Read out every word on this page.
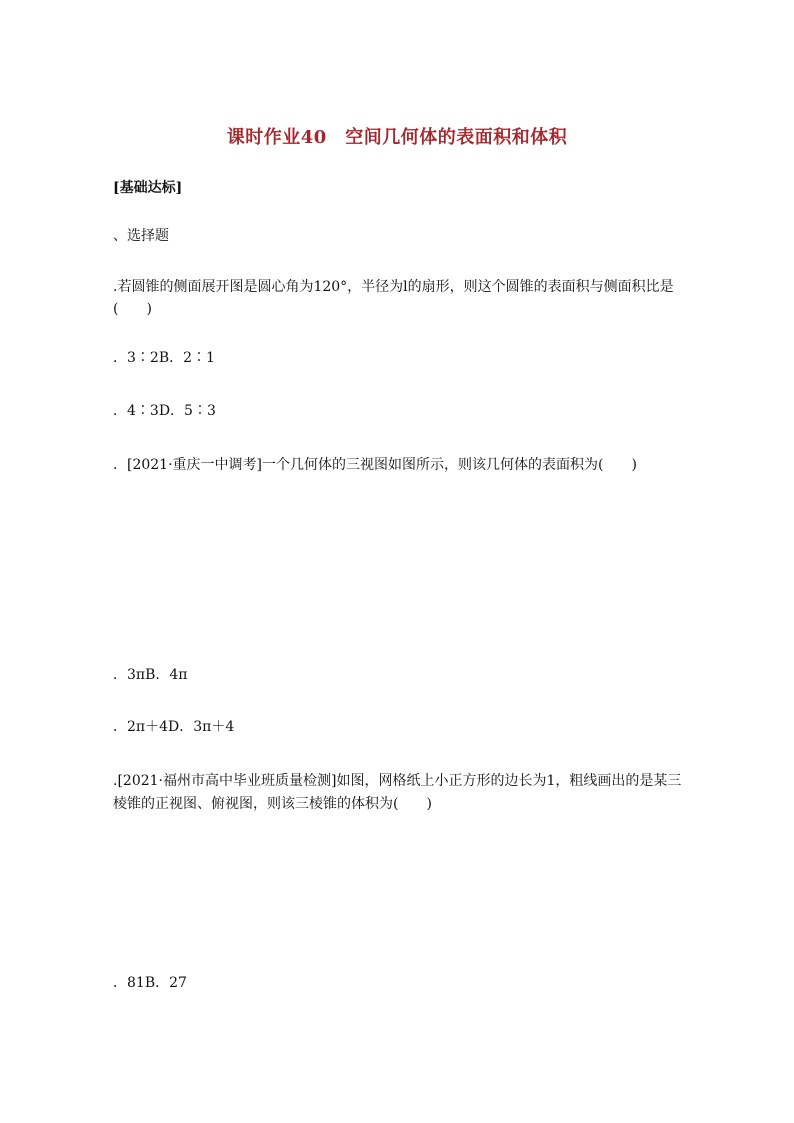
课时作业40　空间几何体的表面积和体积
[基础达标]
、选择题
.若圆锥的侧面展开图是圆心角为120°，半径为l的扇形，则这个圆锥的表面积与侧面积比是
(　　)
．3∶2B．2∶1
．4∶3D．5∶3
．[2021·重庆一中调考]一个几何体的三视图如图所示，则该几何体的表面积为(　　)
．3πB．4π
．2π＋4D．3π＋4
.[2021·福州市高中毕业班质量检测]如图，网格纸上小正方形的边长为1，粗线画出的是某三
棱锥的正视图、俯视图，则该三棱锥的体积为(　　)
．81B．27
